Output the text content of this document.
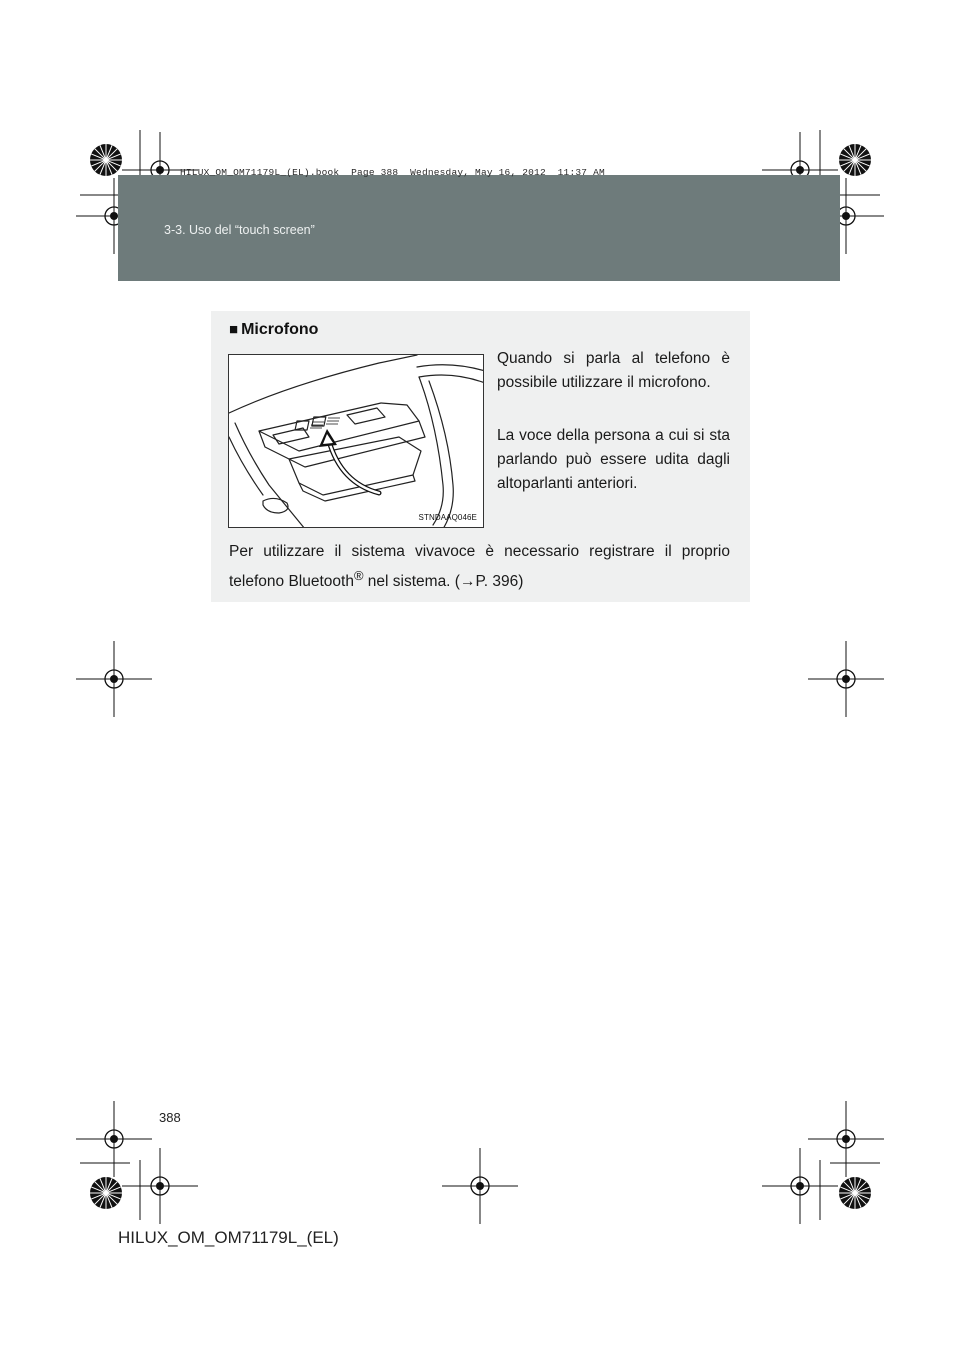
HILUX_OM_OM71179L_(EL).book  Page 388  Wednesday, May 16, 2012  11:37 AM
3-3. Uso del “touch screen”
■ Microfono
STNDAAQ046E
Quando si parla al telefono è possibile utilizzare il microfono.
La voce della persona a cui si sta parlando può essere udita dagli altoparlanti anteriori.
Per utilizzare il sistema vivavoce è necessario registrare il proprio telefono Bluetooth® nel sistema. (→P. 396)
388
HILUX_OM_OM71179L_(EL)
